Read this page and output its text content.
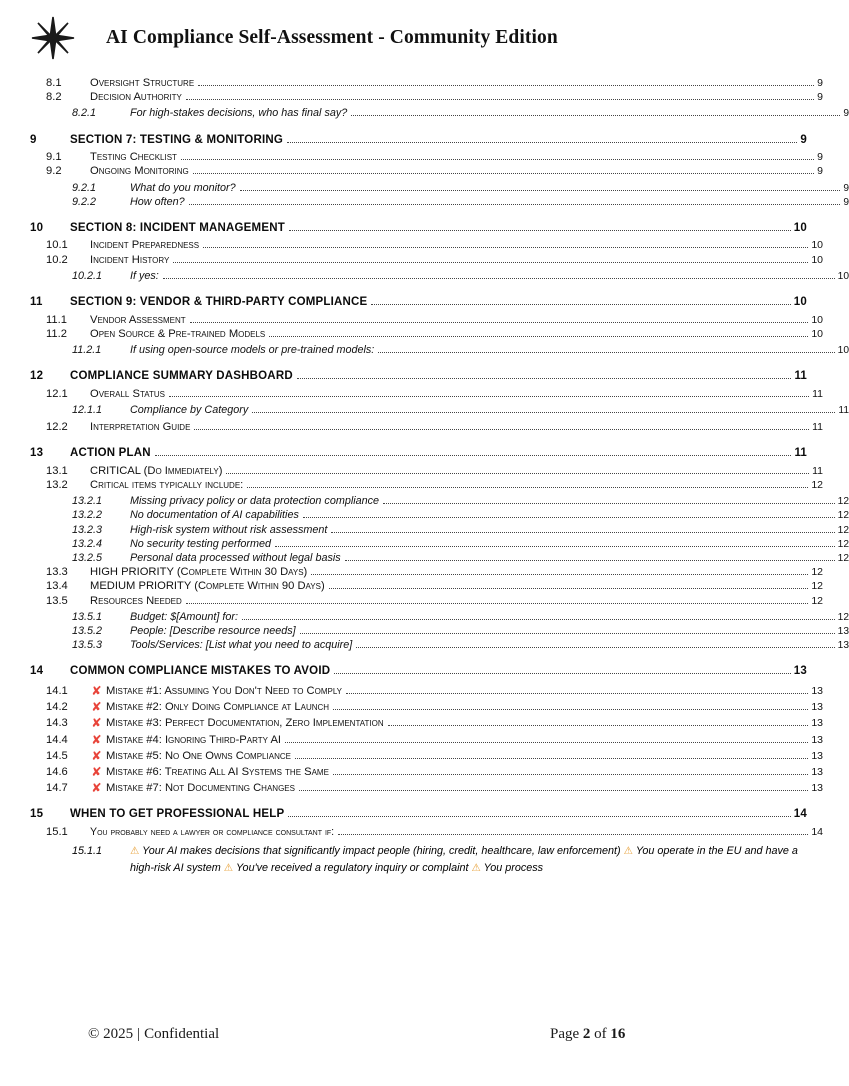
AI Compliance Self-Assessment - Community Edition
8.1	Oversight Structure	9
8.2	Decision Authority	9
8.2.1	For high-stakes decisions, who has final say?	9
9	SECTION 7: TESTING & MONITORING	9
9.1	Testing Checklist	9
9.2	Ongoing Monitoring	9
9.2.1	What do you monitor?	9
9.2.2	How often?	9
10	SECTION 8: INCIDENT MANAGEMENT	10
10.1	Incident Preparedness	10
10.2	Incident History	10
10.2.1	If yes:	10
11	SECTION 9: VENDOR & THIRD-PARTY COMPLIANCE	10
11.1	Vendor Assessment	10
11.2	Open Source & Pre-trained Models	10
11.2.1	If using open-source models or pre-trained models:	10
12	COMPLIANCE SUMMARY DASHBOARD	11
12.1	Overall Status	11
12.1.1	Compliance by Category	11
12.2	Interpretation Guide	11
13	ACTION PLAN	11
13.1	CRITICAL (Do Immediately)	11
13.2	Critical items typically include:	12
13.2.1	Missing privacy policy or data protection compliance	12
13.2.2	No documentation of AI capabilities	12
13.2.3	High-risk system without risk assessment	12
13.2.4	No security testing performed	12
13.2.5	Personal data processed without legal basis	12
13.3	HIGH PRIORITY (Complete Within 30 Days)	12
13.4	MEDIUM PRIORITY (Complete Within 90 Days)	12
13.5	Resources Needed	12
13.5.1	Budget: $[Amount] for:	12
13.5.2	People: [Describe resource needs]	13
13.5.3	Tools/Services: [List what you need to acquire]	13
14	COMMON COMPLIANCE MISTAKES TO AVOID	13
14.1	✘ Mistake #1: Assuming You Don't Need to Comply	13
14.2	✘ Mistake #2: Only Doing Compliance at Launch	13
14.3	✘ Mistake #3: Perfect Documentation, Zero Implementation	13
14.4	✘ Mistake #4: Ignoring Third-Party AI	13
14.5	✘ Mistake #5: No One Owns Compliance	13
14.6	✘ Mistake #6: Treating All AI Systems the Same	13
14.7	✘ Mistake #7: Not Documenting Changes	13
15	WHEN TO GET PROFESSIONAL HELP	14
15.1	You probably need a lawyer or compliance consultant if:	14
15.1.1	⚠ Your AI makes decisions that significantly impact people (hiring, credit, healthcare, law enforcement) ⚠ You operate in the EU and have a high-risk AI system ⚠ You've received a regulatory inquiry or complaint ⚠ You process
© 2025 | Confidential	Page 2 of 16
